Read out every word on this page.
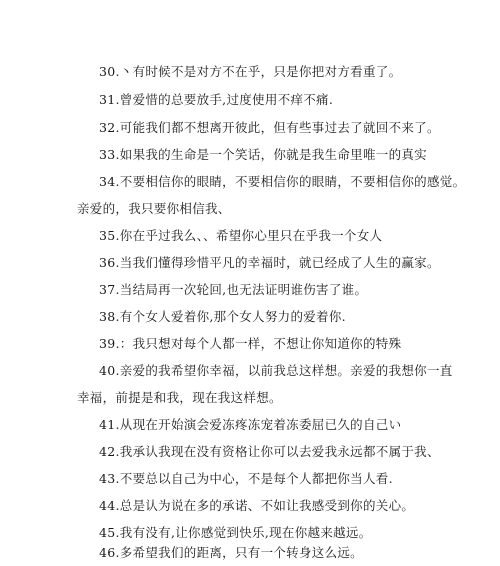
30.丶有时候不是对方不在乎，只是你把对方看重了。
31.曾爱惜的总要放手,过度使用不痒不痛.
32.可能我们都不想离开彼此，但有些事过去了就回不来了。
33.如果我的生命是一个笑话，你就是我生命里唯一的真实
34.不要相信你的眼睛，不要相信你的眼睛，不要相信你的感觉。
亲爱的，我只要你相信我、
35.你在乎过我么、、希望你心里只在乎我一个女人
36.当我们懂得珍惜平凡的幸福时，就已经成了人生的赢家。
37.当结局再一次轮回,也无法证明谁伤害了谁。
38.有个女人爱着你,那个女人努力的爱着你.
39.：我只想对每个人都一样，不想让你知道你的特殊
40.亲爱的我希望你幸福，以前我总这样想。亲爱的我想你一直
幸福，前提是和我，现在我这样想。
41.从现在开始演会爱冻疼冻宠着冻委屈已久的自己い
42.我承认我现在没有资格让你可以去爱我永远都不属于我、
43.不要总以自己为中心，不是每个人都把你当人看.
44.总是认为说在多的承诺、不如让我感受到你的关心。
45.我有没有,让你感觉到快乐,现在你越来越远。
46.多希望我们的距离，只有一个转身这么远。
